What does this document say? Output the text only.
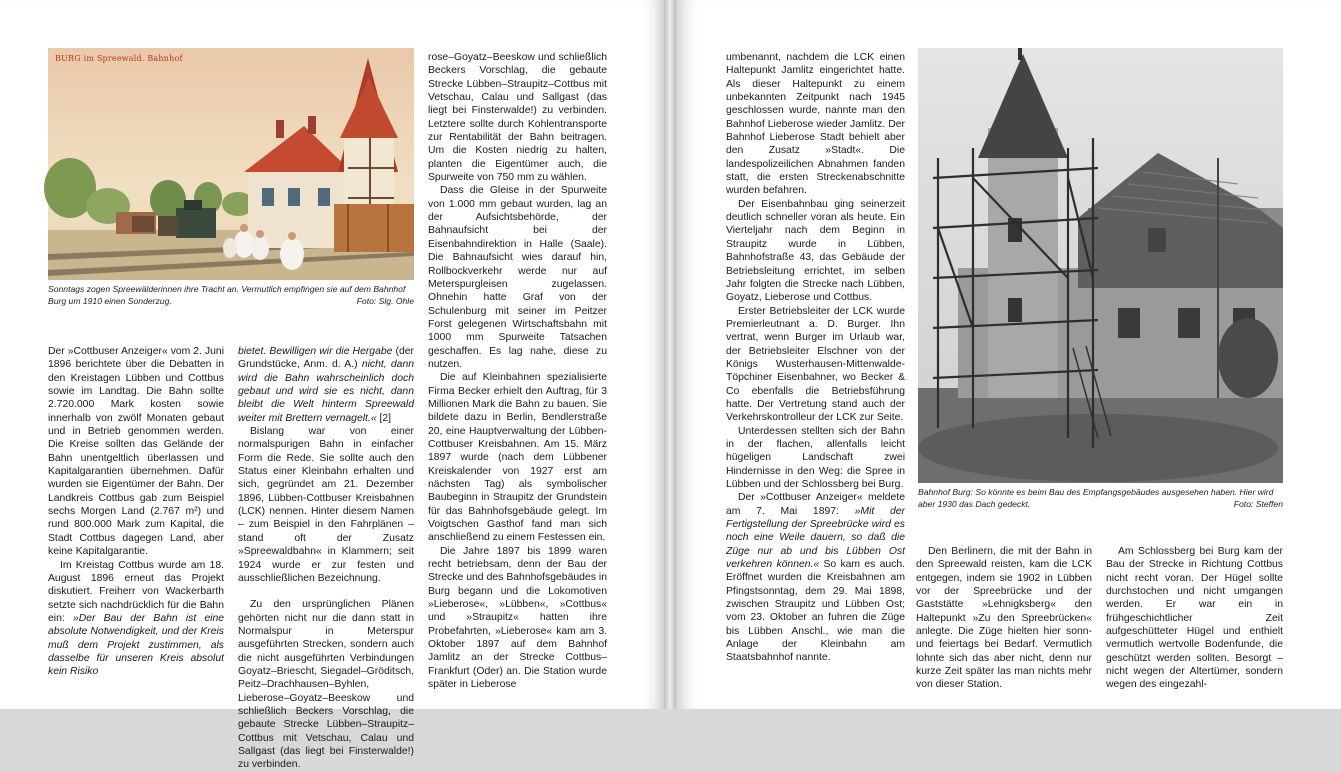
BURG im Spreewald. Bahnhof
Sonntags zogen Spreewälderinnen ihre Tracht an. Vermutlich empfingen sie auf dem Bahnhof Burg um 1910 einen Sonderzug.	Foto: Slg. Ohle

Der »Cottbuser Anzeiger« vom 2. Juni 1896 berichtete über die Debatten in den Kreistagen Lübben und Cottbus sowie im Landtag. Die Bahn sollte 2.720.000 Mark kosten sowie innerhalb von zwölf Monaten gebaut und in Betrieb genommen werden. Die Kreise sollten das Gelände der Bahn unentgeltlich überlassen und Kapitalgarantien übernehmen. Dafür wurden sie Eigentümer der Bahn. Der Landkreis Cottbus gab zum Beispiel sechs Morgen Land (2.767 m²) und rund 800.000 Mark zum Kapital, die Stadt Cottbus dagegen Land, aber keine Kapitalgarantie.

Im Kreistag Cottbus wurde am 18. August 1896 erneut das Projekt diskutiert. Freiherr von Wackerbarth setzte sich nachdrücklich für die Bahn ein: »Der Bau der Bahn ist eine absolute Notwendigkeit, und der Kreis muß dem Projekt zustimmen, als dasselbe für unseren Kreis absolut kein Risiko

bietet. Bewilligen wir die Hergabe (der Grundstücke, Anm. d. A.) nicht, dann wird die Bahn wahrscheinlich doch gebaut und wird sie es nicht, dann bleibt die Welt hinterm Spreewald weiter mit Brettern vernagelt.« [2]

Bislang war von einer normalspurigen Bahn in einfacher Form die Rede. Sie sollte auch den Status einer Kleinbahn erhalten und sich, gegründet am 21. Dezember 1896, Lübben-Cottbuser Kreisbahnen (LCK) nennen. Hinter diesem Namen – zum Beispiel in den Fahrplänen – stand oft der Zusatz »Spreewaldbahn« in Klammern; seit 1924 wurde er zur festen und ausschließlichen Bezeichnung.

Zu den ursprünglichen Plänen gehörten nicht nur die dann statt in Normalspur in Meterspur ausgeführten Strecken, sondern auch die nicht ausgeführten Verbindungen Goyatz–Briescht, Siegadel–Gröditsch, Peitz–Drachhausen–Byhlen, Lieberose–Goyatz–Beeskow und schließlich Beckers Vorschlag, die gebaute Strecke Lübben–Straupitz–Cottbus mit Vetschau, Calau und Sallgast (das liegt bei Finsterwalde!) zu verbinden.

rose–Goyatz–Beeskow und schließlich Beckers Vorschlag, die gebaute Strecke Lübben–Straupitz–Cottbus mit Vetschau, Calau und Sallgast (das liegt bei Finsterwalde!) zu verbinden. Letztere sollte durch Kohlentransporte zur Rentabilität der Bahn beitragen. Um die Kosten niedrig zu halten, planten die Eigentümer auch, die Spurweite von 750 mm zu wählen.

Dass die Gleise in der Spurweite von 1.000 mm gebaut wurden, lag an der Aufsichtsbehörde, der Bahnaufsicht bei der Eisenbahndirektion in Halle (Saale). Die Bahnaufsicht wies darauf hin, Rollbockverkehr werde nur auf Meterspurgleisen zugelassen. Ohnehin hatte Graf von der Schulenburg mit seiner im Peitzer Forst gelegenen Wirtschaftsbahn mit 1000 mm Spurweite Tatsachen geschaffen. Es lag nahe, diese zu nutzen.

Die auf Kleinbahnen spezialisierte Firma Becker erhielt den Auftrag, für 3 Millionen Mark die Bahn zu bauen. Sie bildete dazu in Berlin, Bendlerstraße 20, eine Hauptverwaltung der Lübben-Cottbuser Kreisbahnen. Am 15. März 1897 wurde (nach dem Lübbener Kreiskalender von 1927 erst am nächsten Tag) als symbolischer Baubeginn in Straupitz der Grundstein für das Bahnhofsgebäude gelegt. Im Voigtschen Gasthof fand man sich anschließend zu einem Festessen ein.

Die Jahre 1897 bis 1899 waren recht betriebsam, denn der Bau der Strecke und des Bahnhofsgebäudes in Burg begann und die Lokomotiven »Lieberose«, »Lübben«, »Cottbus« und »Straupitz« hatten ihre Probefahrten, »Lieberose« kam am 3. Oktober 1897 auf dem Bahnhof Jamlitz an der Strecke Cottbus–Frankfurt (Oder) an. Die Station wurde später in Lieberose

umbenannt, nachdem die LCK einen Haltepunkt Jamlitz eingerichtet hatte. Als dieser Haltepunkt zu einem unbekannten Zeitpunkt nach 1945 geschlossen wurde, nannte man den Bahnhof Lieberose wieder Jamlitz. Der Bahnhof Lieberose Stadt behielt aber den Zusatz »Stadt«. Die landespolizeilichen Abnahmen fanden statt, die ersten Streckenabschnitte wurden befahren.

Der Eisenbahnbau ging seinerzeit deutlich schneller voran als heute. Ein Vierteljahr nach dem Beginn in Straupitz wurde in Lübben, Bahnhofstraße 43, das Gebäude der Betriebsleitung errichtet, im selben Jahr folgten die Strecke nach Lübben, Goyatz, Lieberose und Cottbus.

Erster Betriebsleiter der LCK wurde Premierleutnant a. D. Burger. Ihn vertrat, wenn Burger im Urlaub war, der Betriebsleiter Elschner von der Königs Wusterhausen-Mittenwalde-Töpchiner Eisenbahner, wo Becker & Co ebenfalls die Betriebsführung hatte. Der Vertretung stand auch der Verkehrskontrolleur der LCK zur Seite.

Unterdessen stellten sich der Bahn in der flachen, allenfalls leicht hügeligen Landschaft zwei Hindernisse in den Weg: die Spree in Lübben und der Schlossberg bei Burg.

Der »Cottbuser Anzeiger« meldete am 7. Mai 1897: »Mit der Fertigstellung der Spreebrücke wird es noch eine Weile dauern, so daß die Züge nur ab und bis Lübben Ost verkehren können.« So kam es auch. Eröffnet wurden die Kreisbahnen am Pfingstsonntag, dem 29. Mai 1898, zwischen Straupitz und Lübben Ost; vom 23. Oktober an fuhren die Züge bis Lübben Anschl., wie man die Anlage der Kleinbahn am Staatsbahnhof nannte.

Bahnhof Burg: So könnte es beim Bau des Empfangsgebäudes ausgesehen haben. Hier wird aber 1930 das Dach gedeckt.	Foto: Steffen

Den Berlinern, die mit der Bahn in den Spreewald reisten, kam die LCK entgegen, indem sie 1902 in Lübben vor der Spreebrücke und der Gaststätte »Lehnigksberg« den Haltepunkt »Zu den Spreebrücken« anlegte. Die Züge hielten hier sonn- und feiertags bei Bedarf. Vermutlich lohnte sich das aber nicht, denn nur kurze Zeit später las man nichts mehr von dieser Station.

Am Schlossberg bei Burg kam der Bau der Strecke in Richtung Cottbus nicht recht voran. Der Hügel sollte durchstochen und nicht umgangen werden. Er war ein in frühgeschichtlicher Zeit aufgeschütteter Hügel und enthielt vermutlich wertvolle Bodenfunde, die geschützt werden sollten. Besorgt – nicht wegen der Altertümer, sondern wegen des eingezahl-
